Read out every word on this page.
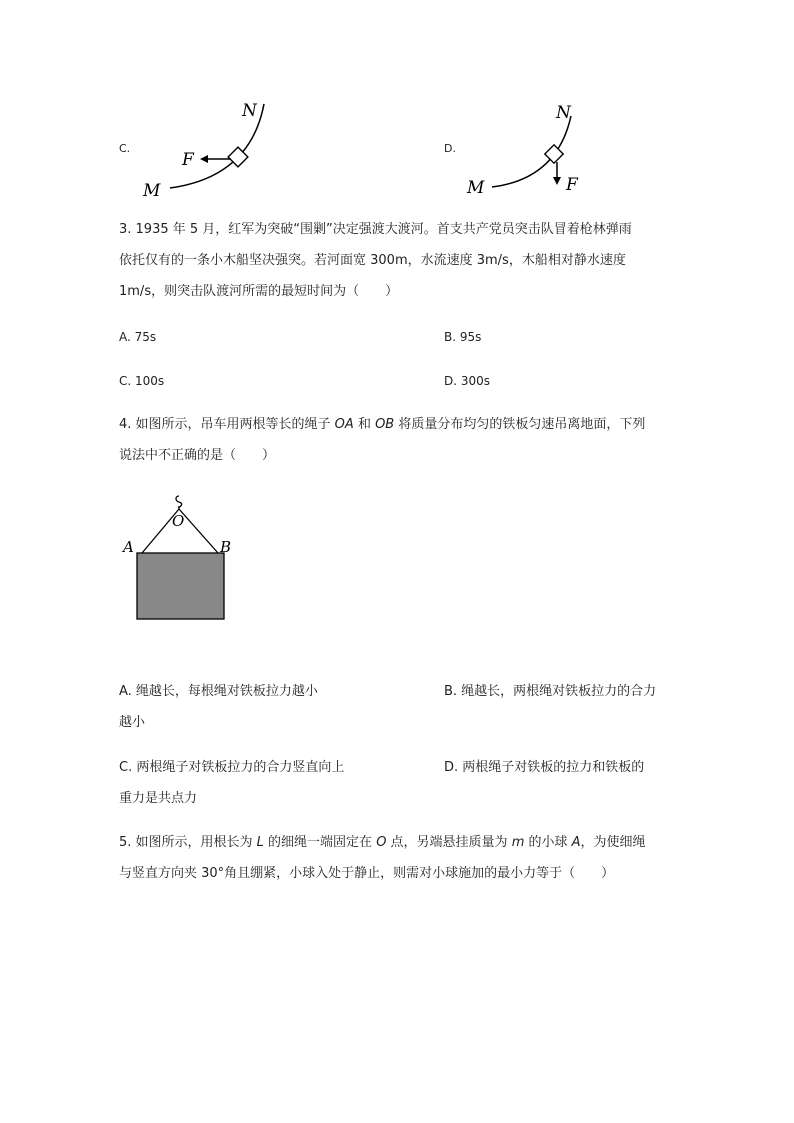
C.
N
F
M
D.
N
F
M
3. 1935 年 5 月，红军为突破“围剿”决定强渡大渡河。首支共产党员突击队冒着枪林弹雨
依托仅有的一条小木船坚决强突。若河面宽 300m，水流速度 3m/s，木船相对静水速度
1m/s，则突击队渡河所需的最短时间为（　　）
A. 75s	B. 95s
C. 100s	D. 300s
4. 如图所示，吊车用两根等长的绳子 OA 和 OB 将质量分布均匀的铁板匀速吊离地面，下列
说法中不正确的是（　　）
O
A	B
A. 绳越长，每根绳对铁板拉力越小
越小
B. 绳越长，两根绳对铁板拉力的合力
C. 两根绳子对铁板拉力的合力竖直向上
重力是共点力
D. 两根绳子对铁板的拉力和铁板的
5. 如图所示，用根长为 L 的细绳一端固定在 O 点，另端悬挂质量为 m 的小球 A，为使细绳
与竖直方向夹 30°角且绷紧，小球入处于静止，则需对小球施加的最小力等于（　　）
